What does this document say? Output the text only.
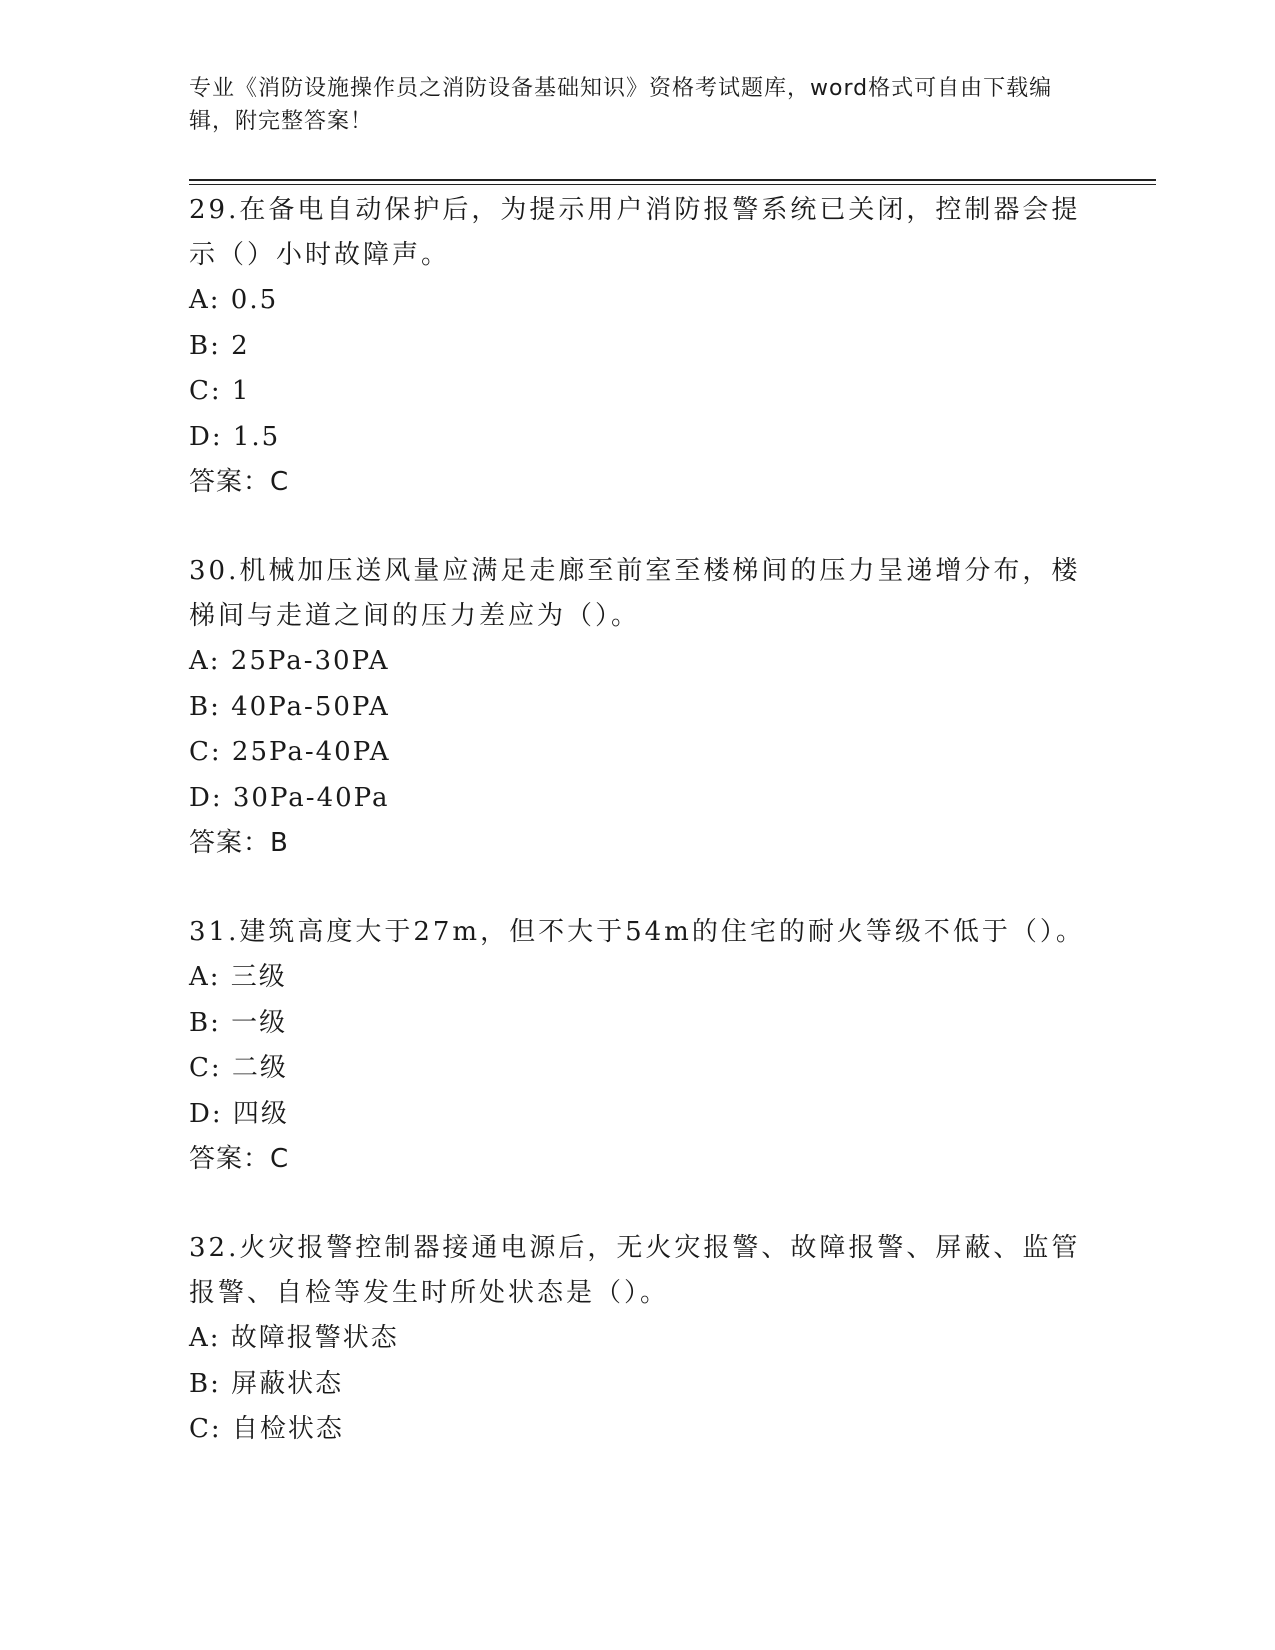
专业《消防设施操作员之消防设备基础知识》资格考试题库，word格式可自由下载编辑，附完整答案！

29.在备电自动保护后，为提示用户消防报警系统已关闭，控制器会提示（）小时故障声。

A: 0.5

B: 2

C: 1

D: 1.5

答案：C

30.机械加压送风量应满足走廊至前室至楼梯间的压力呈递增分布，楼梯间与走道之间的压力差应为（）。

A: 25Pa-30PA

B: 40Pa-50PA

C: 25Pa-40PA

D: 30Pa-40Pa

答案：B

31.建筑高度大于27m，但不大于54m的住宅的耐火等级不低于（）。

A: 三级

B: 一级

C: 二级

D: 四级

答案：C

32.火灾报警控制器接通电源后，无火灾报警、故障报警、屏蔽、监管报警、自检等发生时所处状态是（）。

A: 故障报警状态

B: 屏蔽状态

C: 自检状态
